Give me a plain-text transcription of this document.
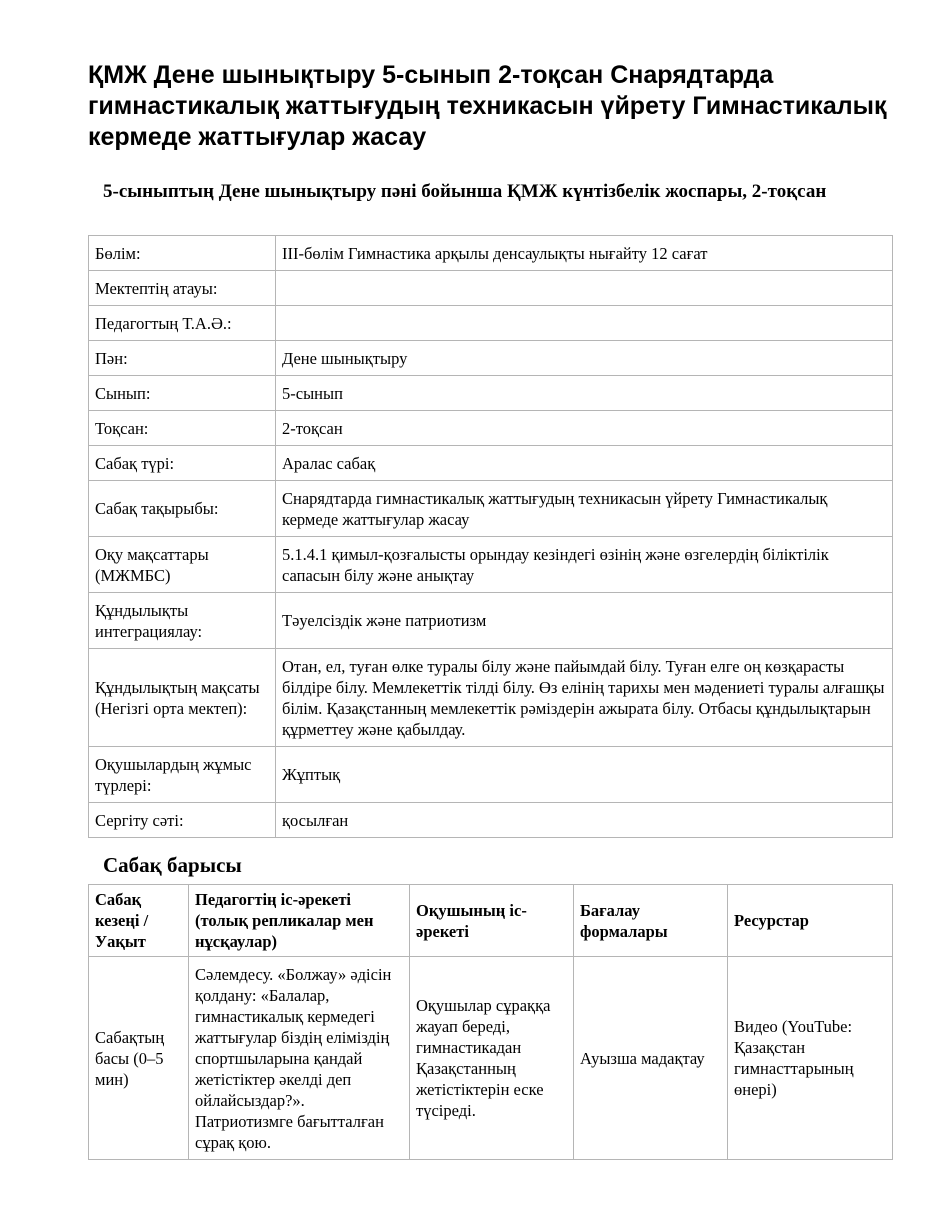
ҚМЖ Дене шынықтыру 5-сынып 2-тоқсан Снарядтарда гимнастикалық жаттығудың техникасын үйрету Гимнастикалық кермеде жаттығулар жасау
5-сыныптың Дене шынықтыру пәні бойынша ҚМЖ күнтізбелік жоспары, 2-тоқсан
Бөлім:	ІІІ-бөлім Гимнастика арқылы денсаулықты нығайту 12 сағат
Мектептің атауы:	
Педагогтың Т.А.Ә.:	
Пән:	Дене шынықтыру
Сынып:	5-сынып
Тоқсан:	2-тоқсан
Сабақ түрі:	Аралас сабақ
Сабақ тақырыбы:	Снарядтарда гимнастикалық жаттығудың техникасын үйрету Гимнастикалық кермеде жаттығулар жасау
Оқу мақсаттары (МЖМБС)	5.1.4.1 қимыл-қозғалысты орындау кезіндегі өзінің және өзгелердің біліктілік сапасын білу және анықтау
Құндылықты интеграциялау:	Тәуелсіздік және патриотизм
Құндылықтың мақсаты (Негізгі орта мектеп):	Отан, ел, туған өлке туралы білу және пайымдай білу. Туған елге оң көзқарасты білдіре білу. Мемлекеттік тілді білу. Өз елінің тарихы мен мәдениеті туралы алғашқы білім. Қазақстанның мемлекеттік рәміздерін ажырата білу. Отбасы құндылықтарын құрметтеу және қабылдау.
Оқушылардың жұмыс түрлері:	Жұптық
Сергіту сәті:	қосылған
Сабақ барысы
Сабақ кезеңі / Уақыт	Педагогтің іс-әрекеті (толық репликалар мен нұсқаулар)	Оқушының іс-әрекеті	Бағалау формалары	Ресурстар
Сабақтың басы (0–5 мин)	Сәлемдесу. «Болжау» әдісін қолдану: «Балалар, гимнастикалық кермедегі жаттығулар біздің еліміздің спортшыларына қандай жетістіктер әкелді деп ойлайсыздар?». Патриотизмге бағытталған сұрақ қою.	Оқушылар сұраққа жауап береді, гимнастикадан Қазақстанның жетістіктерін еске түсіреді.	Ауызша мадақтау	Видео (YouTube: Қазақстан гимнасттарының өнері)
